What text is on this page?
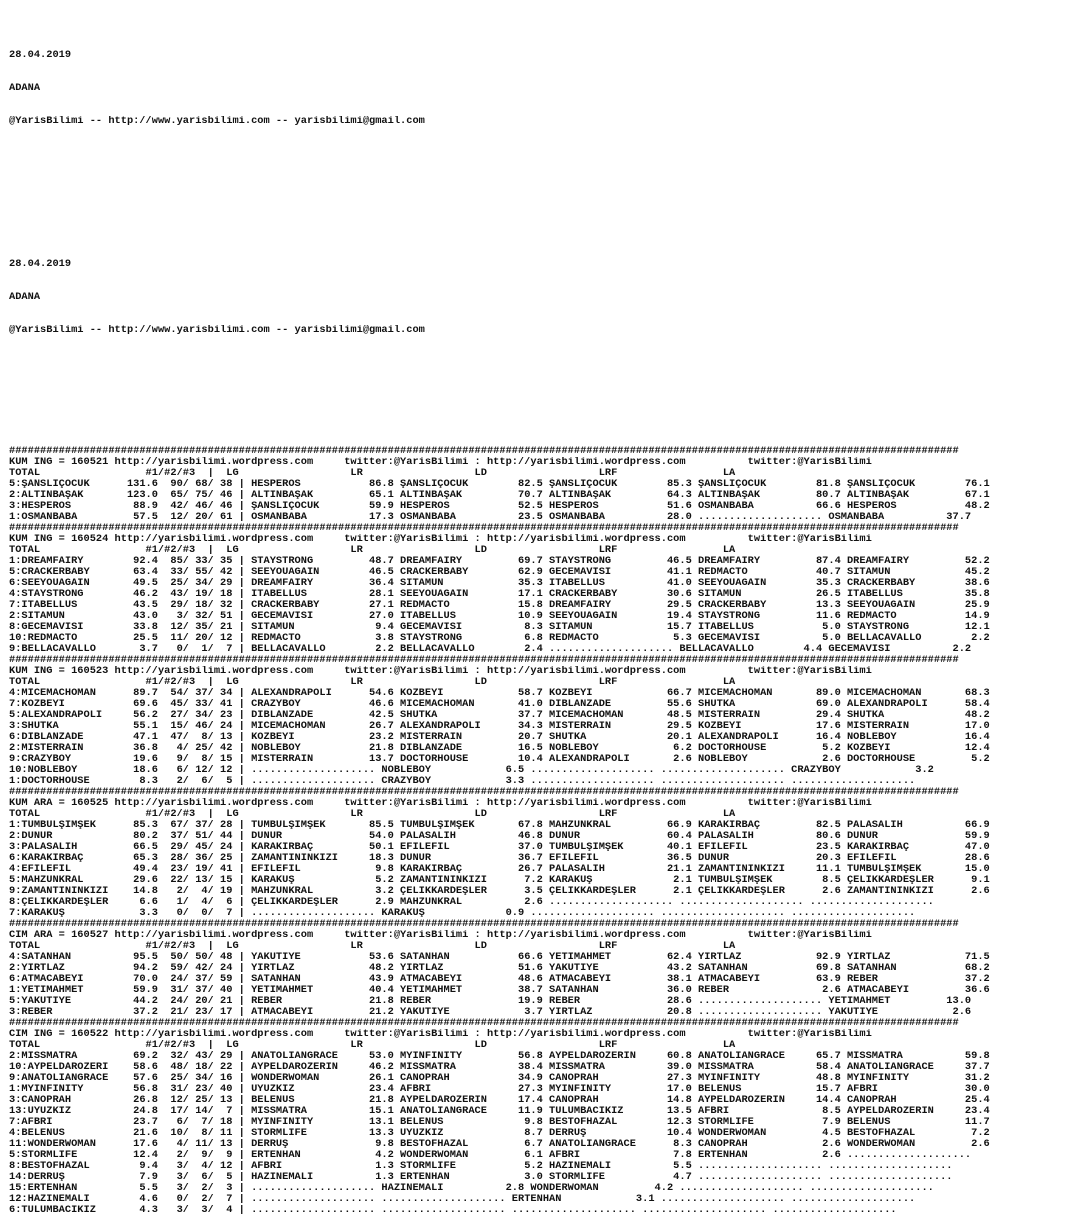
28.04.2019

ADANA

@YarisBilimi -- http://www.yarisbilimi.com -- yarisbilimi@gmail.com

28.04.2019

ADANA

@YarisBilimi -- http://www.yarisbilimi.com -- yarisbilimi@gmail.com

#########################################################################################################################################################
KUM ING = 160521 http://yarisbilimi.wordpress.com     twitter:@YarisBilimi : http://yarisbilimi.wordpress.com          twitter:@YarisBilimi
TOTAL                 #1/#2/#3  |  LG                  LR                  LD                  LRF                 LA
5:ŞANSLIÇOCUK      131.6  90/ 68/ 38 | HESPEROS           86.8 ŞANSLIÇOCUK        82.5 ŞANSLIÇOCUK        85.3 ŞANSLIÇOCUK        81.8 ŞANSLIÇOCUK        76.1
2:ALTINBAŞAK       123.0  65/ 75/ 46 | ALTINBAŞAK         65.1 ALTINBAŞAK         70.7 ALTINBAŞAK         64.3 ALTINBAŞAK         80.7 ALTINBAŞAK         67.1
3:HESPEROS          88.9  42/ 46/ 46 | ŞANSLIÇOCUK        59.9 HESPEROS           52.5 HESPEROS           51.6 OSMANBABA          66.6 HESPEROS           48.2
1:OSMANBABA         57.5  12/ 20/ 61 | OSMANBABA          17.3 OSMANBABA          23.5 OSMANBABA          28.0 .................... OSMANBABA          37.7
#########################################################################################################################################################
KUM ING = 160524 http://yarisbilimi.wordpress.com     twitter:@YarisBilimi : http://yarisbilimi.wordpress.com          twitter:@YarisBilimi
TOTAL                 #1/#2/#3  |  LG                  LR                  LD                  LRF                 LA
1:DREAMFAIRY        92.4  85/ 33/ 35 | STAYSTRONG         48.7 DREAMFAIRY         69.7 STAYSTRONG         46.5 DREAMFAIRY         87.4 DREAMFAIRY         52.2
5:CRACKERBABY       63.4  33/ 55/ 42 | SEEYOUAGAIN        46.5 CRACKERBABY        62.9 GECEMAVİSİ         41.1 REDMACTO           40.7 SITAMUN            45.2
6:SEEYOUAGAIN       49.5  25/ 34/ 29 | DREAMFAIRY         36.4 SITAMUN            35.3 ITABELLUS          41.0 SEEYOUAGAIN        35.3 CRACKERBABY        38.6
4:STAYSTRONG        46.2  43/ 19/ 18 | ITABELLUS          28.1 SEEYOUAGAIN        17.1 CRACKERBABY        30.6 SITAMUN            26.5 ITABELLUS          35.8
7:ITABELLUS         43.5  29/ 18/ 32 | CRACKERBABY        27.1 REDMACTO           15.8 DREAMFAIRY         29.5 CRACKERBABY        13.3 SEEYOUAGAIN        25.9
2:SITAMUN           43.0   3/ 32/ 51 | GECEMAVİSİ         27.0 ITABELLUS          10.9 SEEYOUAGAIN        19.4 STAYSTRONG         11.6 REDMACTO           14.9
8:GECEMAVİSİ        33.8  12/ 35/ 21 | SITAMUN             9.4 GECEMAVİSİ          8.3 SITAMUN            15.7 ITABELLUS           5.0 STAYSTRONG         12.1
10:REDMACTO         25.5  11/ 20/ 12 | REDMACTO            3.8 STAYSTRONG          6.8 REDMACTO            5.3 GECEMAVİSİ          5.0 BELLACAVALLO        2.2
9:BELLACAVALLO       3.7   0/  1/  7 | BELLACAVALLO        2.2 BELLACAVALLO        2.4 .................... BELLACAVALLO        4.4 GECEMAVİSİ          2.2
#########################################################################################################################################################
KUM ING = 160523 http://yarisbilimi.wordpress.com     twitter:@YarisBilimi : http://yarisbilimi.wordpress.com          twitter:@YarisBilimi
TOTAL                 #1/#2/#3  |  LG                  LR                  LD                  LRF                 LA
4:MICEMACHOMAN      89.7  54/ 37/ 34 | ALEXANDRAPOLI      54.6 KOZBEYİ            58.7 KOZBEYİ            66.7 MICEMACHOMAN       89.0 MICEMACHOMAN       68.3
7:KOZBEYİ           69.6  45/ 33/ 41 | CRAZYBOY           46.6 MICEMACHOMAN       41.0 DIBLANZADE         55.6 SHUTKA             69.0 ALEXANDRAPOLI      58.4
5:ALEXANDRAPOLI     56.2  27/ 34/ 23 | DIBLANZADE         42.5 SHUTKA             37.7 MICEMACHOMAN       48.5 MISTERRAIN         29.4 SHUTKA             48.2
3:SHUTKA            55.1  15/ 46/ 24 | MICEMACHOMAN       26.7 ALEXANDRAPOLI      34.3 MISTERRAIN         29.5 KOZBEYİ            17.6 MISTERRAIN         17.0
6:DIBLANZADE        47.1  47/  8/ 13 | KOZBEYİ            23.2 MISTERRAIN         20.7 SHUTKA             20.1 ALEXANDRAPOLI      16.4 NOBLEBOY           16.4
2:MISTERRAIN        36.8   4/ 25/ 42 | NOBLEBOY           21.8 DIBLANZADE         16.5 NOBLEBOY            6.2 DOCTORHOUSE         5.2 KOZBEYİ            12.4
9:CRAZYBOY          19.6   9/  8/ 15 | MISTERRAIN         13.7 DOCTORHOUSE        10.4 ALEXANDRAPOLI       2.6 NOBLEBOY            2.6 DOCTORHOUSE         5.2
10:NOBLEBOY         18.6   6/ 12/ 12 | .................... NOBLEBOY            6.5 .................... .................... CRAZYBOY            3.2
1:DOCTORHOUSE        8.3   2/  6/  5 | .................... CRAZYBOY            3.3 .................... .................... ....................
#########################################################################################################################################################
KUM ARA = 160525 http://yarisbilimi.wordpress.com     twitter:@YarisBilimi : http://yarisbilimi.wordpress.com          twitter:@YarisBilimi
TOTAL                 #1/#2/#3  |  LG                  LR                  LD                  LRF                 LA
1:TUMBULŞİMŞEK      85.3  67/ 37/ 28 | TUMBULŞİMŞEK       85.5 TUMBULŞİMŞEK       67.8 MAHZUNKRAL         66.9 KARAKIRBAÇ         82.5 PALASALİH          66.9
2:DUNUR             80.2  37/ 51/ 44 | DUNUR              54.0 PALASALİH          46.8 DUNUR              60.4 PALASALİH          80.6 DUNUR              59.9
3:PALASALİH         66.5  29/ 45/ 24 | KARAKIRBAÇ         50.1 EFİLEFİL           37.0 TUMBULŞİMŞEK       40.1 EFİLEFİL           23.5 KARAKIRBAÇ         47.0
6:KARAKIRBAÇ        65.3  28/ 36/ 25 | ZAMANTININKIZI     18.3 DUNUR              36.7 EFİLEFİL           36.5 DUNUR              20.3 EFİLEFİL           28.6
4:EFİLEFİL          49.4  23/ 19/ 41 | EFİLEFİL            9.8 KARAKIRBAÇ         26.7 PALASALİH          21.1 ZAMANTININKIZI     11.1 TUMBULŞİMŞEK       15.0
5:MAHZUNKRAL        29.6  22/ 13/ 15 | KARAKUŞ             5.2 ZAMANTININKIZI      7.2 KARAKUŞ             2.1 TUMBULŞİMŞEK        8.5 ÇELİKKARDEŞLER      9.1
9:ZAMANTININKIZI    14.8   2/  4/ 19 | MAHZUNKRAL          3.2 ÇELİKKARDEŞLER      3.5 ÇELİKKARDEŞLER      2.1 ÇELİKKARDEŞLER      2.6 ZAMANTININKIZI      2.6
8:ÇELİKKARDEŞLER     6.6   1/  4/  6 | ÇELİKKARDEŞLER      2.9 MAHZUNKRAL          2.6 .................... .................... ....................
7:KARAKUŞ            3.3   0/  0/  7 | .................... KARAKUŞ             0.9 .................... .................... ....................
#########################################################################################################################################################
CIM ARA = 160527 http://yarisbilimi.wordpress.com     twitter:@YarisBilimi : http://yarisbilimi.wordpress.com          twitter:@YarisBilimi
TOTAL                 #1/#2/#3  |  LG                  LR                  LD                  LRF                 LA
4:SATANHAN          95.5  50/ 50/ 48 | YAKUTİYE           53.6 SATANHAN           66.6 YETİMAHMET         62.4 YIRTLAZ            92.9 YIRTLAZ            71.5
2:YIRTLAZ           94.2  59/ 42/ 24 | YIRTLAZ            48.2 YIRTLAZ            51.6 YAKUTİYE           43.2 SATANHAN           69.8 SATANHAN           68.2
6:ATMACABEYİ        70.0  24/ 37/ 59 | SATANHAN           43.9 ATMACABEYİ         48.6 ATMACABEYİ         38.1 ATMACABEYİ         63.9 REBER              37.2
1:YETİMAHMET        59.9  31/ 37/ 40 | YETİMAHMET         40.4 YETİMAHMET         38.7 SATANHAN           36.0 REBER               2.6 ATMACABEYİ         36.6
5:YAKUTİYE          44.2  24/ 20/ 21 | REBER              21.8 REBER              19.9 REBER              28.6 .................... YETİMAHMET         13.0
3:REBER             37.2  21/ 23/ 17 | ATMACABEYİ         21.2 YAKUTİYE            3.7 YIRTLAZ            20.8 .................... YAKUTİYE            2.6
#########################################################################################################################################################
CIM ING = 160522 http://yarisbilimi.wordpress.com     twitter:@YarisBilimi : http://yarisbilimi.wordpress.com          twitter:@YarisBilimi
TOTAL                 #1/#2/#3  |  LG                  LR                  LD                  LRF                 LA
2:MISSMATRA         69.2  32/ 43/ 29 | ANATOLIANGRACE     53.0 MYINFINITY         56.8 AYPELDAROZERIN     60.8 ANATOLIANGRACE     65.7 MISSMATRA          59.8
10:AYPELDAROZERI    58.6  48/ 18/ 22 | AYPELDAROZERIN     46.2 MISSMATRA          38.4 MISSMATRA          39.0 MISSMATRA          58.4 ANATOLIANGRACE     37.7
9:ANATOLIANGRACE    57.6  25/ 34/ 16 | WONDERWOMAN        26.1 CANOPRAH           34.9 CANOPRAH           27.3 MYINFINITY         48.8 MYINFINITY         31.2
1:MYINFINITY        56.8  31/ 23/ 40 | UYUZKIZ            23.4 AFBRİ              27.3 MYINFINITY         17.0 BELENUS            15.7 AFBRİ              30.0
3:CANOPRAH          26.8  12/ 25/ 13 | BELENUS            21.8 AYPELDAROZERIN     17.4 CANOPRAH           14.8 AYPELDAROZERIN     14.4 CANOPRAH           25.4
13:UYUZKIZ          24.8  17/ 14/  7 | MISSMATRA          15.1 ANATOLIANGRACE     11.9 TULUMBACIKIZ       13.5 AFBRİ               8.5 AYPELDAROZERIN     23.4
7:AFBRİ             23.7   6/  7/ 18 | MYINFINITY         13.1 BELENUS             9.8 BESTOFHAZAL        12.3 STORMLIFE           7.9 BELENUS            11.7
4:BELENUS           21.6  10/  8/ 11 | STORMLIFE          13.3 UYUZKIZ             8.7 DERRUŞ             10.4 WONDERWOMAN         4.5 BESTOFHAZAL         7.2
11:WONDERWOMAN      17.6   4/ 11/ 13 | DERRUŞ              9.8 BESTOFHAZAL         6.7 ANATOLIANGRACE      8.3 CANOPRAH            2.6 WONDERWOMAN         2.6
5:STORMLIFE         12.4   2/  9/  9 | ERTENHAN            4.2 WONDERWOMAN         6.1 AFBRİ               7.8 ERTENHAN            2.6 ....................
8:BESTOFHAZAL        9.4   3/  4/ 12 | AFBRİ               1.3 STORMLIFE           5.2 HAZINEMALI          5.5 .................... ....................
14:DERRUŞ            7.9   3/  6/  5 | HAZINEMALI          1.3 ERTENHAN            3.0 STORMLIFE           4.7 .................... ....................
15:ERTENHAN          5.5   3/  2/  3 | .................... HAZINEMALI          2.8 WONDERWOMAN         4.2 .................... ....................
12:HAZINEMALI        4.6   0/  2/  7 | .................... .................... ERTENHAN            3.1 .................... ....................
6:TULUMBACIKIZ       4.3   3/  3/  4 | .................... .................... .................... .................... ....................
